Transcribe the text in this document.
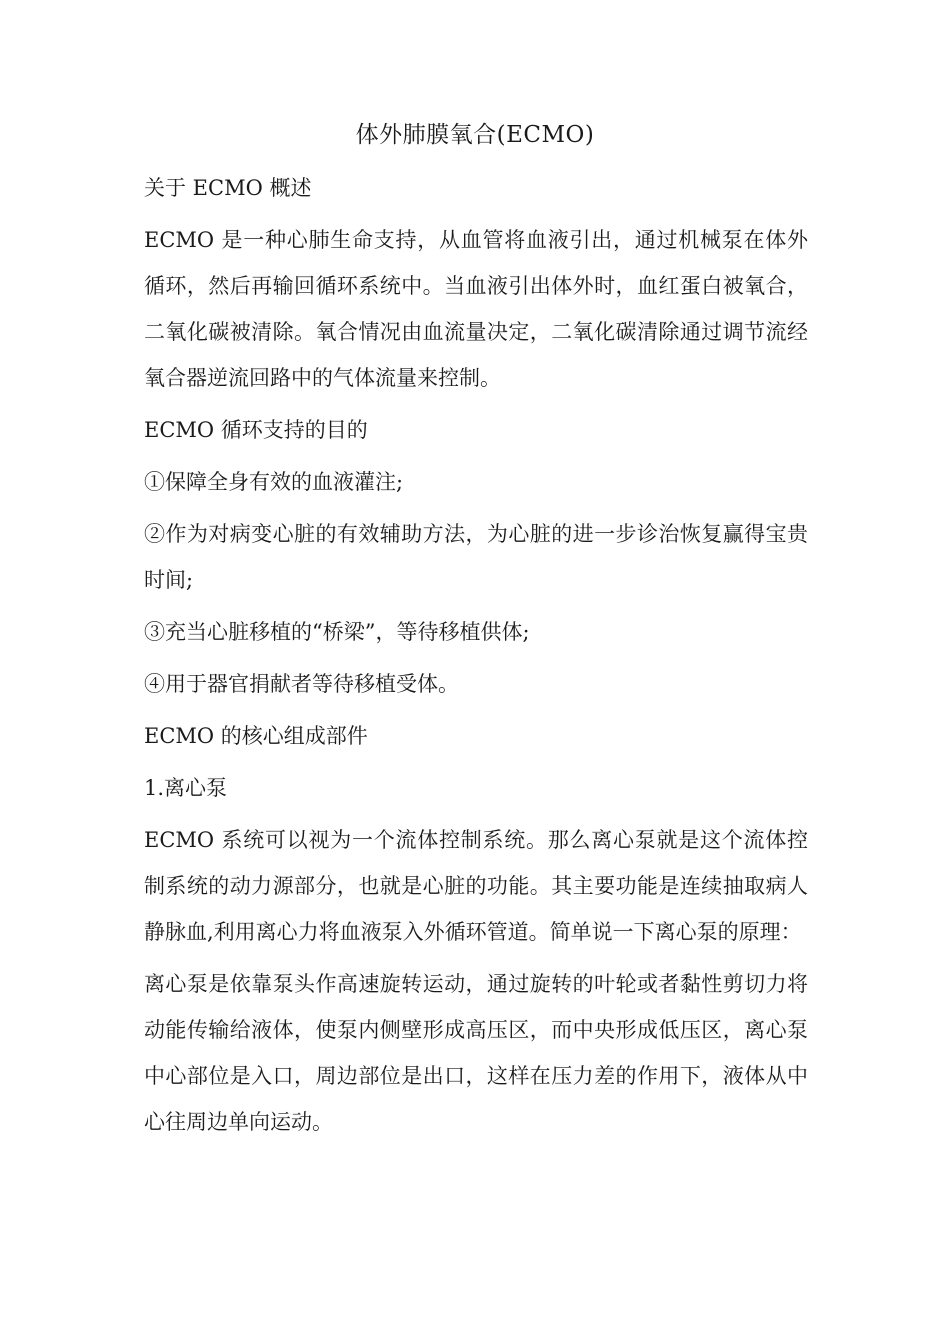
体外肺膜氧合(ECMO)

关于 ECMO 概述

ECMO 是一种心肺生命支持，从血管将血液引出，通过机械泵在体外循环，然后再输回循环系统中。当血液引出体外时，血红蛋白被氧合，二氧化碳被清除。氧合情况由血流量决定，二氧化碳清除通过调节流经氧合器逆流回路中的气体流量来控制。

ECMO 循环支持的目的

①保障全身有效的血液灌注;

②作为对病变心脏的有效辅助方法，为心脏的进一步诊治恢复赢得宝贵时间;

③充当心脏移植的“桥梁”，等待移植供体;

④用于器官捐献者等待移植受体。

ECMO 的核心组成部件

1.离心泵

ECMO 系统可以视为一个流体控制系统。那么离心泵就是这个流体控制系统的动力源部分，也就是心脏的功能。其主要功能是连续抽取病人静脉血,利用离心力将血液泵入外循环管道。简单说一下离心泵的原理：

离心泵是依靠泵头作高速旋转运动，通过旋转的叶轮或者黏性剪切力将动能传输给液体，使泵内侧壁形成高压区，而中央形成低压区，离心泵中心部位是入口，周边部位是出口，这样在压力差的作用下，液体从中心往周边单向运动。
